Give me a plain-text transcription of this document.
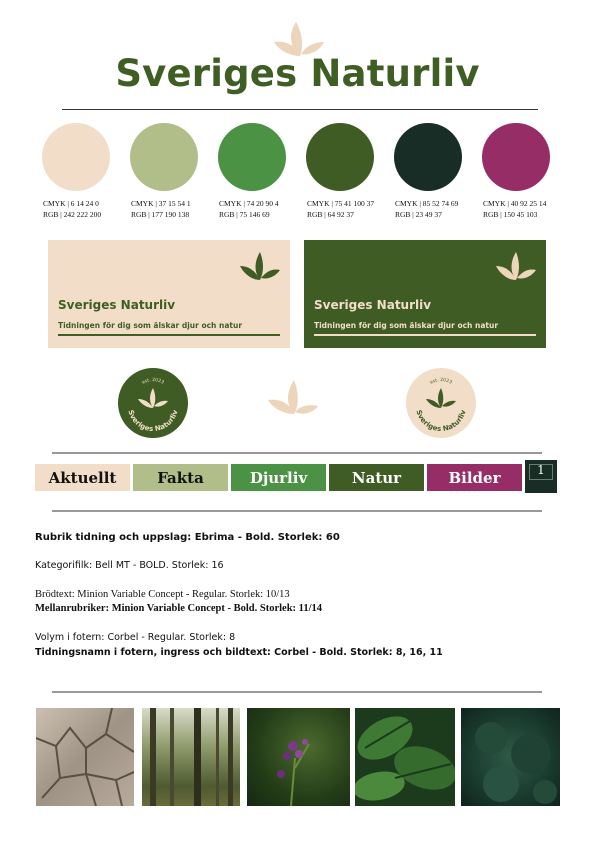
Sveriges Naturliv
CMYK | 6 14 24 0
RGB | 242 222 200
CMYK | 37 15 54 1
RGB | 177 190 138
CMYK | 74 20 90 4
RGB | 75 146 69
CMYK | 75 41 100 37
RGB | 64 92 37
CMYK | 85 52 74 69
RGB | 23 49 37
CMYK | 40 92 25 14
RGB | 150 45 103
Sveriges Naturliv
Tidningen för dig som älskar djur och natur
Sveriges Naturliv
Tidningen för dig som älskar djur och natur
est. 2023
Sveriges Naturliv
est. 2023
Sveriges Naturliv
Aktuellt	Fakta	Djurliv	Natur	Bilder	1
Rubrik tidning och uppslag: Ebrima - Bold. Storlek: 60
Kategorifilk: Bell MT - BOLD. Storlek: 16
Brödtext: Minion Variable Concept - Regular. Storlek: 10/13
Mellanrubriker: Minion Variable Concept - Bold. Storlek: 11/14
Volym i fotern: Corbel - Regular. Storlek: 8
Tidningsnamn i fotern, ingress och bildtext: Corbel - Bold. Storlek: 8, 16, 11
